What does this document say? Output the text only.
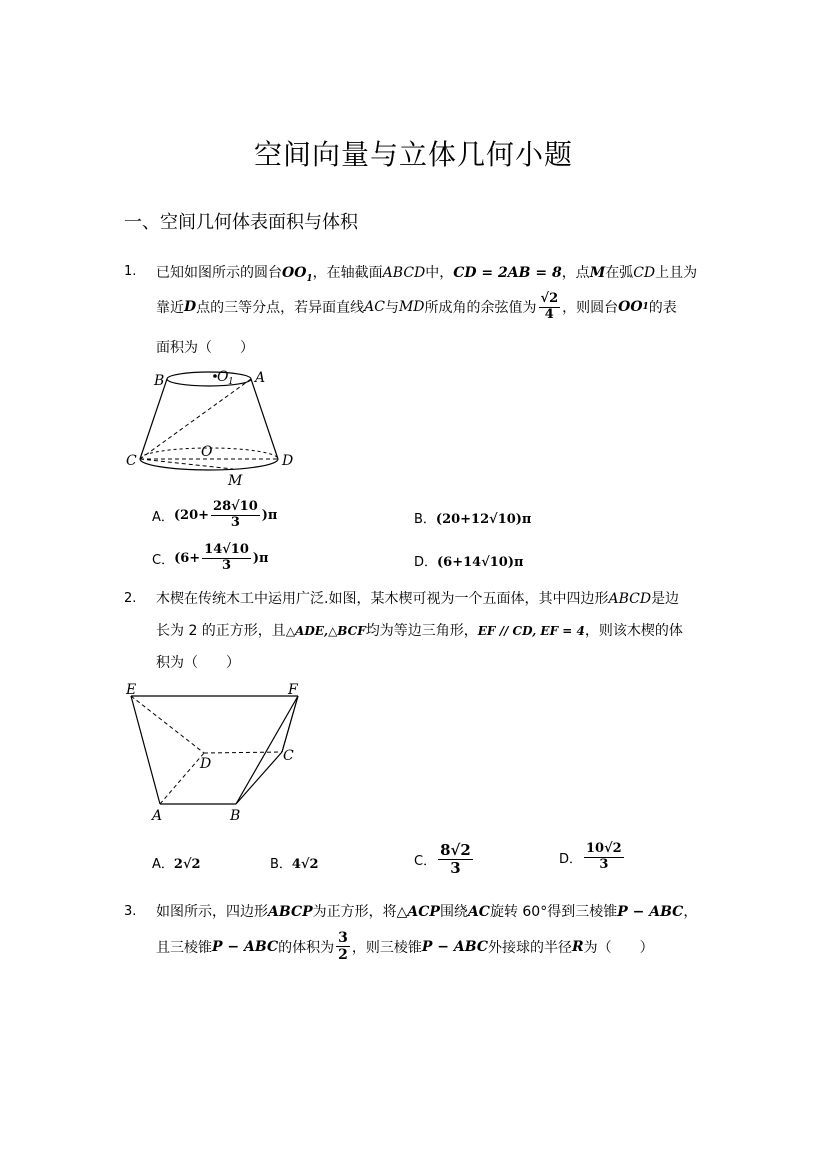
空间向量与立体几何小题
一、空间几何体表面积与体积
1. 已知如图所示的圆台$OO_1$，在轴截面ABCD中，CD = 2AB = 8，点M在弧CD上且为
靠近 D 点的三等分点，若异面直线 AC 与 MD 所成角的余弦值为 $\frac{√2}{4}$ ，则圆台 OO 1 的表
面积为（　　）
B	A
O 1
C
O
D
M
A． $(20+ \frac{28√10}{3} )\pi$	B．(20+12√10)π
C． $(6+ \frac{14√10}{3} )\pi$	D．(6+14√10)π
2. 木楔在传统木工中运用广泛.如图，某木楔可视为一个五面体，其中四边形ABCD是边
长为 2 的正方形，且△ADE,△BCF均为等边三角形，EF // CD, EF = 4，则该木楔的体
积为（　　）
E	F
D	C
A	B
A．2√2	B．4√2	C． $\frac{8√2}{3}$	D． $\frac{10√2}{3}$
3. 如图所示，四边形ABCP为正方形，将△ACP围绕AC旋转 60°得到三棱锥P − ABC，
且三棱锥 P − ABC 的体积为 $\frac{3}{2}$ ，则三棱锥 P − ABC 外接球的半径 R 为（　　）
